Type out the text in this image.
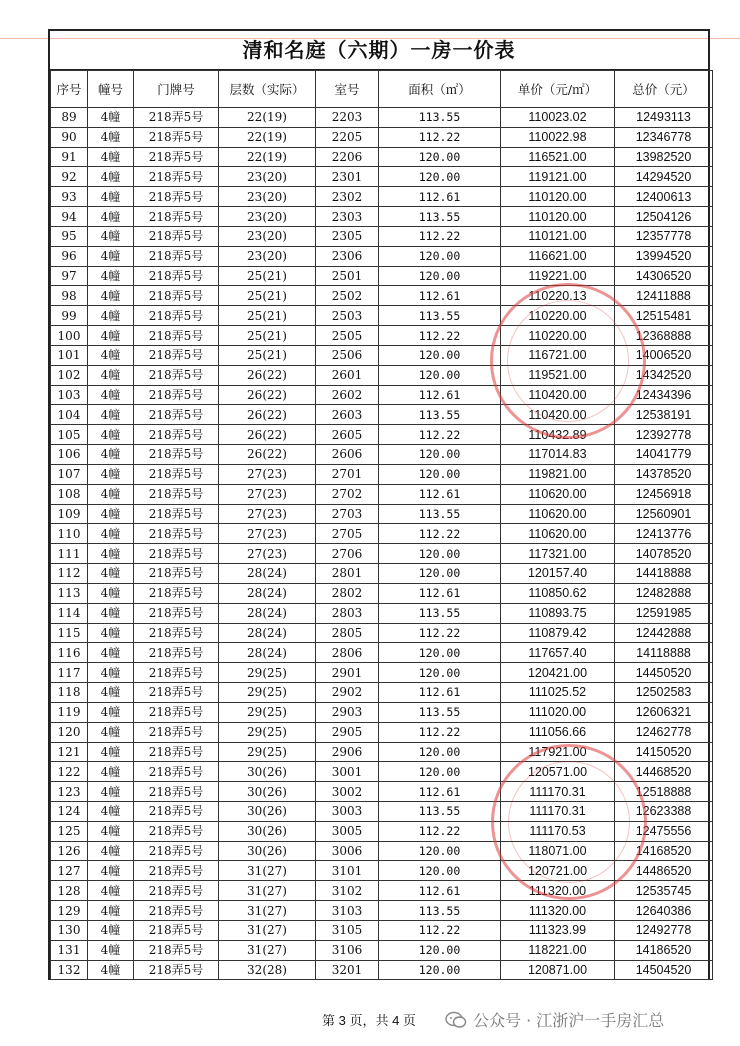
清和名庭（六期）一房一价表
序号	幢号	门牌号	层数（实际）	室号	面积（㎡）	单价（元/㎡）	总价（元）
89	4幢	218弄5号	22(19)	2203	113.55	110023.02	12493113
90	4幢	218弄5号	22(19)	2205	112.22	110022.98	12346778
91	4幢	218弄5号	22(19)	2206	120.00	116521.00	13982520
92	4幢	218弄5号	23(20)	2301	120.00	119121.00	14294520
93	4幢	218弄5号	23(20)	2302	112.61	110120.00	12400613
94	4幢	218弄5号	23(20)	2303	113.55	110120.00	12504126
95	4幢	218弄5号	23(20)	2305	112.22	110121.00	12357778
96	4幢	218弄5号	23(20)	2306	120.00	116621.00	13994520
97	4幢	218弄5号	25(21)	2501	120.00	119221.00	14306520
98	4幢	218弄5号	25(21)	2502	112.61	110220.13	12411888
99	4幢	218弄5号	25(21)	2503	113.55	110220.00	12515481
100	4幢	218弄5号	25(21)	2505	112.22	110220.00	12368888
101	4幢	218弄5号	25(21)	2506	120.00	116721.00	14006520
102	4幢	218弄5号	26(22)	2601	120.00	119521.00	14342520
103	4幢	218弄5号	26(22)	2602	112.61	110420.00	12434396
104	4幢	218弄5号	26(22)	2603	113.55	110420.00	12538191
105	4幢	218弄5号	26(22)	2605	112.22	110432.89	12392778
106	4幢	218弄5号	26(22)	2606	120.00	117014.83	14041779
107	4幢	218弄5号	27(23)	2701	120.00	119821.00	14378520
108	4幢	218弄5号	27(23)	2702	112.61	110620.00	12456918
109	4幢	218弄5号	27(23)	2703	113.55	110620.00	12560901
110	4幢	218弄5号	27(23)	2705	112.22	110620.00	12413776
111	4幢	218弄5号	27(23)	2706	120.00	117321.00	14078520
112	4幢	218弄5号	28(24)	2801	120.00	120157.40	14418888
113	4幢	218弄5号	28(24)	2802	112.61	110850.62	12482888
114	4幢	218弄5号	28(24)	2803	113.55	110893.75	12591985
115	4幢	218弄5号	28(24)	2805	112.22	110879.42	12442888
116	4幢	218弄5号	28(24)	2806	120.00	117657.40	14118888
117	4幢	218弄5号	29(25)	2901	120.00	120421.00	14450520
118	4幢	218弄5号	29(25)	2902	112.61	111025.52	12502583
119	4幢	218弄5号	29(25)	2903	113.55	111020.00	12606321
120	4幢	218弄5号	29(25)	2905	112.22	111056.66	12462778
121	4幢	218弄5号	29(25)	2906	120.00	117921.00	14150520
122	4幢	218弄5号	30(26)	3001	120.00	120571.00	14468520
123	4幢	218弄5号	30(26)	3002	112.61	111170.31	12518888
124	4幢	218弄5号	30(26)	3003	113.55	111170.31	12623388
125	4幢	218弄5号	30(26)	3005	112.22	111170.53	12475556
126	4幢	218弄5号	30(26)	3006	120.00	118071.00	14168520
127	4幢	218弄5号	31(27)	3101	120.00	120721.00	14486520
128	4幢	218弄5号	31(27)	3102	112.61	111320.00	12535745
129	4幢	218弄5号	31(27)	3103	113.55	111320.00	12640386
130	4幢	218弄5号	31(27)	3105	112.22	111323.99	12492778
131	4幢	218弄5号	31(27)	3106	120.00	118221.00	14186520
132	4幢	218弄5号	32(28)	3201	120.00	120871.00	14504520
第 3 页，共 4 页	公众号 · 江浙沪一手房汇总
